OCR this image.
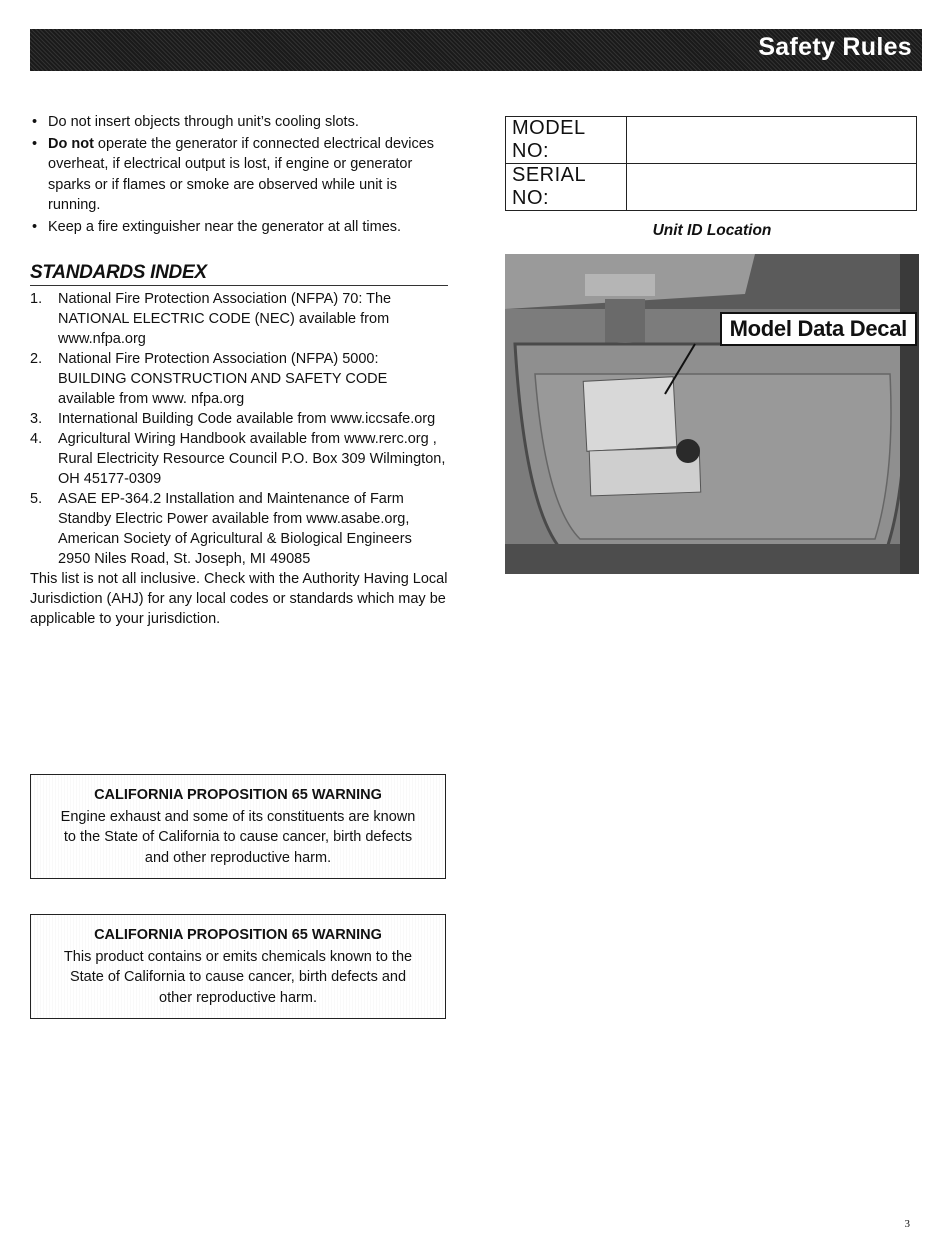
Safety Rules
• Do not insert objects through unit’s cooling slots.
• Do not operate the generator if connected electrical devices overheat, if electrical output is lost, if engine or generator sparks or if flames or smoke are observed while unit is running.
• Keep a fire extinguisher near the generator at all times.
STANDARDS INDEX
1. National Fire Protection Association (NFPA) 70: The NATIONAL ELECTRIC CODE (NEC) available from www.nfpa.org
2. National Fire Protection Association (NFPA) 5000: BUILDING CONSTRUCTION AND SAFETY CODE available from www. nfpa.org
3. International Building Code available from www.iccsafe.org
4. Agricultural Wiring Handbook available from www.rerc.org , Rural Electricity Resource Council P.O. Box 309 Wilmington, OH 45177-0309
5. ASAE EP-364.2 Installation and Maintenance of Farm Standby Electric Power available from www.asabe.org, American Society of Agricultural & Biological Engineers 2950 Niles Road, St. Joseph, MI 49085

This list is not all inclusive. Check with the Authority Having Local Jurisdiction (AHJ) for any local codes or standards which may be applicable to your jurisdiction.

CALIFORNIA PROPOSITION 65 WARNING
Engine exhaust and some of its constituents are known
to the State of California to cause cancer, birth defects
and other reproductive harm.
CALIFORNIA PROPOSITION 65 WARNING
This product contains or emits chemicals known to the
State of California to cause cancer, birth defects and
other reproductive harm.
MODEL NO:	
SERIAL NO:	
Unit ID Location
Model Data Decal
3
